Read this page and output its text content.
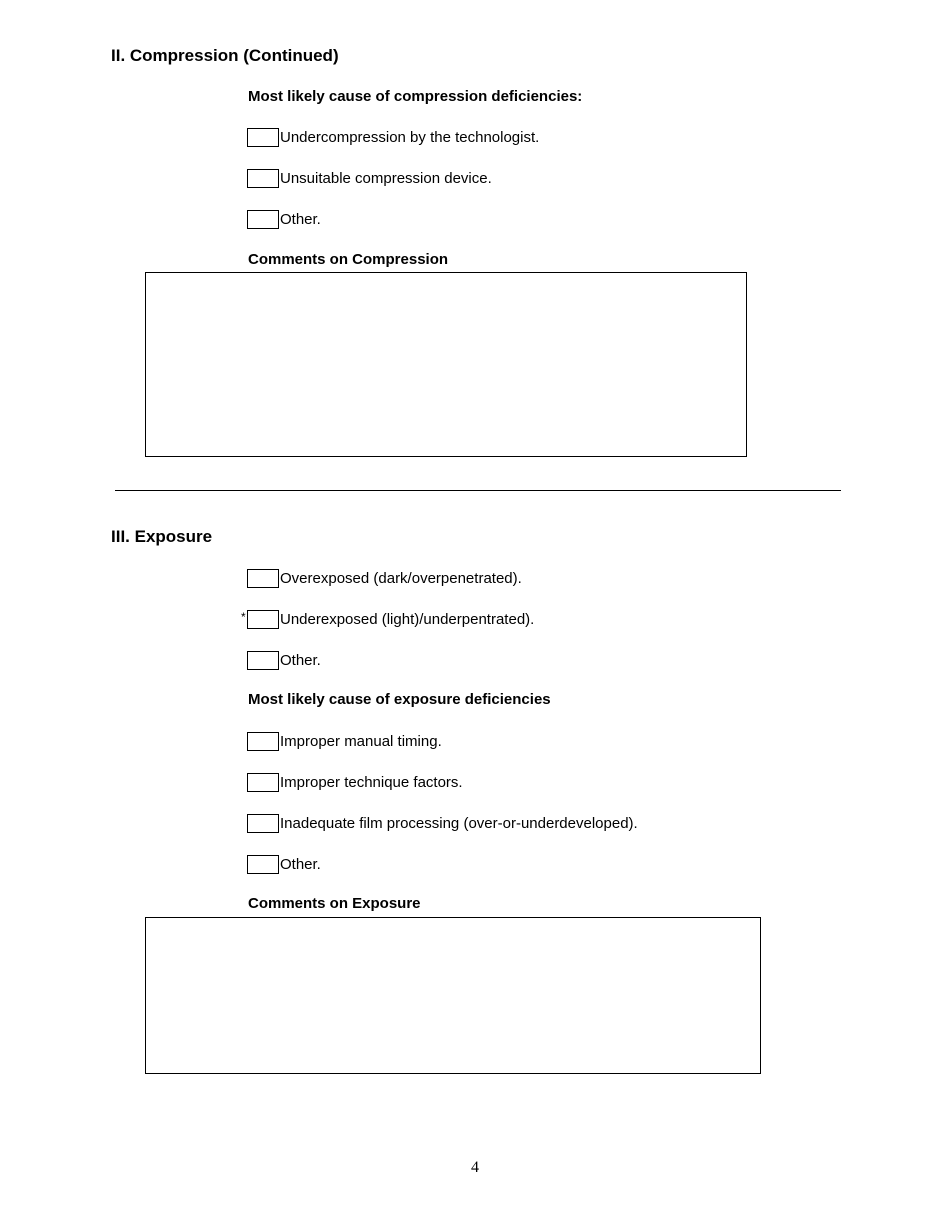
II. Compression (Continued)
Most likely cause of compression deficiencies:
Undercompression by the technologist.
Unsuitable compression device.
Other.
Comments on Compression
III. Exposure
Overexposed (dark/overpenetrated).
* Underexposed (light)/underpentrated).
Other.
Most likely cause of exposure deficiencies
Improper manual timing.
Improper technique factors.
Inadequate film processing (over-or-underdeveloped).
Other.
Comments on Exposure
4
